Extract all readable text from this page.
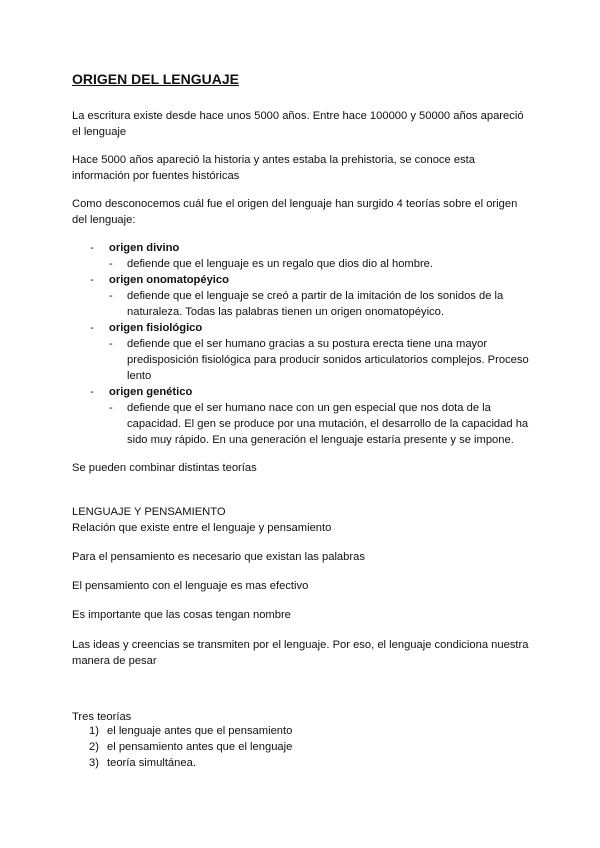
ORIGEN DEL LENGUAJE

La escritura existe desde hace unos 5000 años. Entre hace 100000 y 50000 años apareció el lenguaje

Hace 5000 años apareció la historia y antes estaba la prehistoria, se conoce esta información por fuentes históricas

Como desconocemos cuál fue el origen del lenguaje han surgido 4 teorías sobre el origen del lenguaje:

- origen divino
- defiende que el lenguaje es un regalo que dios dio al hombre.
- origen onomatopéyico
- defiende que el lenguaje se creó a partir de la imitación de los sonidos de la naturaleza. Todas las palabras tienen un origen onomatopéyico.
- origen fisiológico
- defiende que el ser humano gracias a su postura erecta tiene una mayor predisposición fisiológica para producir sonidos articulatorios complejos. Proceso lento
- origen genético
- defiende que el ser humano nace con un gen especial que nos dota de la capacidad. El gen se produce por una mutación, el desarrollo de la capacidad ha sido muy rápido. En una generación el lenguaje estaría presente y se impone.

Se pueden combinar distintas teorías

LENGUAJE Y PENSAMIENTO

Relación que existe entre el lenguaje y pensamiento

Para el pensamiento es necesario que existan las palabras

El pensamiento con el lenguaje es mas efectivo

Es importante que las cosas tengan nombre

Las ideas y creencias se transmiten por el lenguaje. Por eso, el lenguaje condiciona nuestra manera de pesar

Tres teorías

1) el lenguaje antes que el pensamiento
2) el pensamiento antes que el lenguaje
3) teoría simultánea.
